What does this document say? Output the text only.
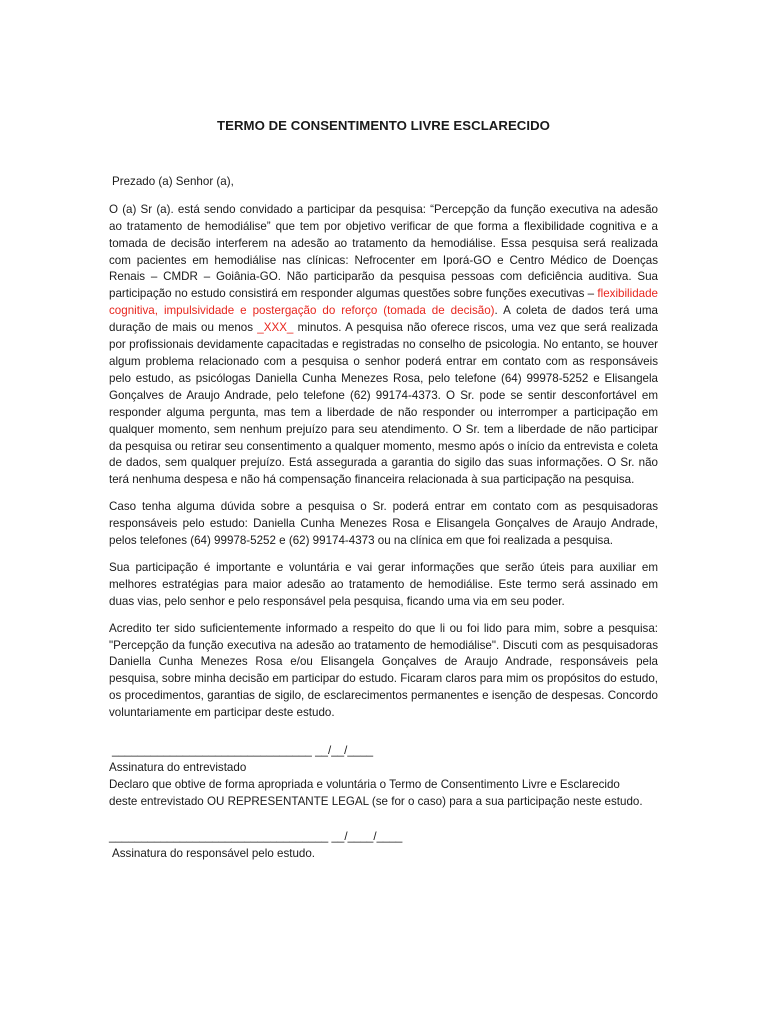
TERMO DE CONSENTIMENTO LIVRE ESCLARECIDO
Prezado (a) Senhor (a),

O (a) Sr (a). está sendo convidado a participar da pesquisa: “Percepção da função executiva na adesão ao tratamento de hemodiálise” que tem por objetivo verificar de que forma a flexibilidade cognitiva e a tomada de decisão interferem na adesão ao tratamento da hemodiálise. Essa pesquisa será realizada com pacientes em hemodiálise nas clínicas: Nefrocenter em Iporá-GO e Centro Médico de Doenças Renais – CMDR – Goiânia-GO. Não participarão da pesquisa pessoas com deficiência auditiva. Sua participação no estudo consistirá em responder algumas questões sobre funções executivas – flexibilidade cognitiva, impulsividade e postergação do reforço (tomada de decisão). A coleta de dados terá uma duração de mais ou menos _XXX_ minutos. A pesquisa não oferece riscos, uma vez que será realizada por profissionais devidamente capacitadas e registradas no conselho de psicologia. No entanto, se houver algum problema relacionado com a pesquisa o senhor poderá entrar em contato com as responsáveis pelo estudo, as psicólogas Daniella Cunha Menezes Rosa, pelo telefone (64) 99978-5252 e Elisangela Gonçalves de Araujo Andrade, pelo telefone (62) 99174-4373. O Sr. pode se sentir desconfortável em responder alguma pergunta, mas tem a liberdade de não responder ou interromper a participação em qualquer momento, sem nenhum prejuízo para seu atendimento. O Sr. tem a liberdade de não participar da pesquisa ou retirar seu consentimento a qualquer momento, mesmo após o início da entrevista e coleta de dados, sem qualquer prejuízo. Está assegurada a garantia do sigilo das suas informações. O Sr. não terá nenhuma despesa e não há compensação financeira relacionada à sua participação na pesquisa.

Caso tenha alguma dúvida sobre a pesquisa o Sr. poderá entrar em contato com as pesquisadoras responsáveis pelo estudo: Daniella Cunha Menezes Rosa e Elisangela Gonçalves de Araujo Andrade, pelos telefones (64) 99978-5252 e (62) 99174-4373 ou na clínica em que foi realizada a pesquisa.

Sua participação é importante e voluntária e vai gerar informações que serão úteis para auxiliar em melhores estratégias para maior adesão ao tratamento de hemodiálise. Este termo será assinado em duas vias, pelo senhor e pelo responsável pela pesquisa, ficando uma via em seu poder.

Acredito ter sido suficientemente informado a respeito do que li ou foi lido para mim, sobre a pesquisa: "Percepção da função executiva na adesão ao tratamento de hemodiálise". Discuti com as pesquisadoras Daniella Cunha Menezes Rosa e/ou Elisangela Gonçalves de Araujo Andrade, responsáveis pela pesquisa, sobre minha decisão em participar do estudo. Ficaram claros para mim os propósitos do estudo, os procedimentos, garantias de sigilo, de esclarecimentos permanentes e isenção de despesas. Concordo voluntariamente em participar deste estudo.

_______________________________ __/__/____
Assinatura do entrevistado
Declaro que obtive de forma apropriada e voluntária o Termo de Consentimento Livre e Esclarecido
deste entrevistado OU REPRESENTANTE LEGAL (se for o caso) para a sua participação neste estudo.
__________________________________ __/____/____
Assinatura do responsável pelo estudo.
